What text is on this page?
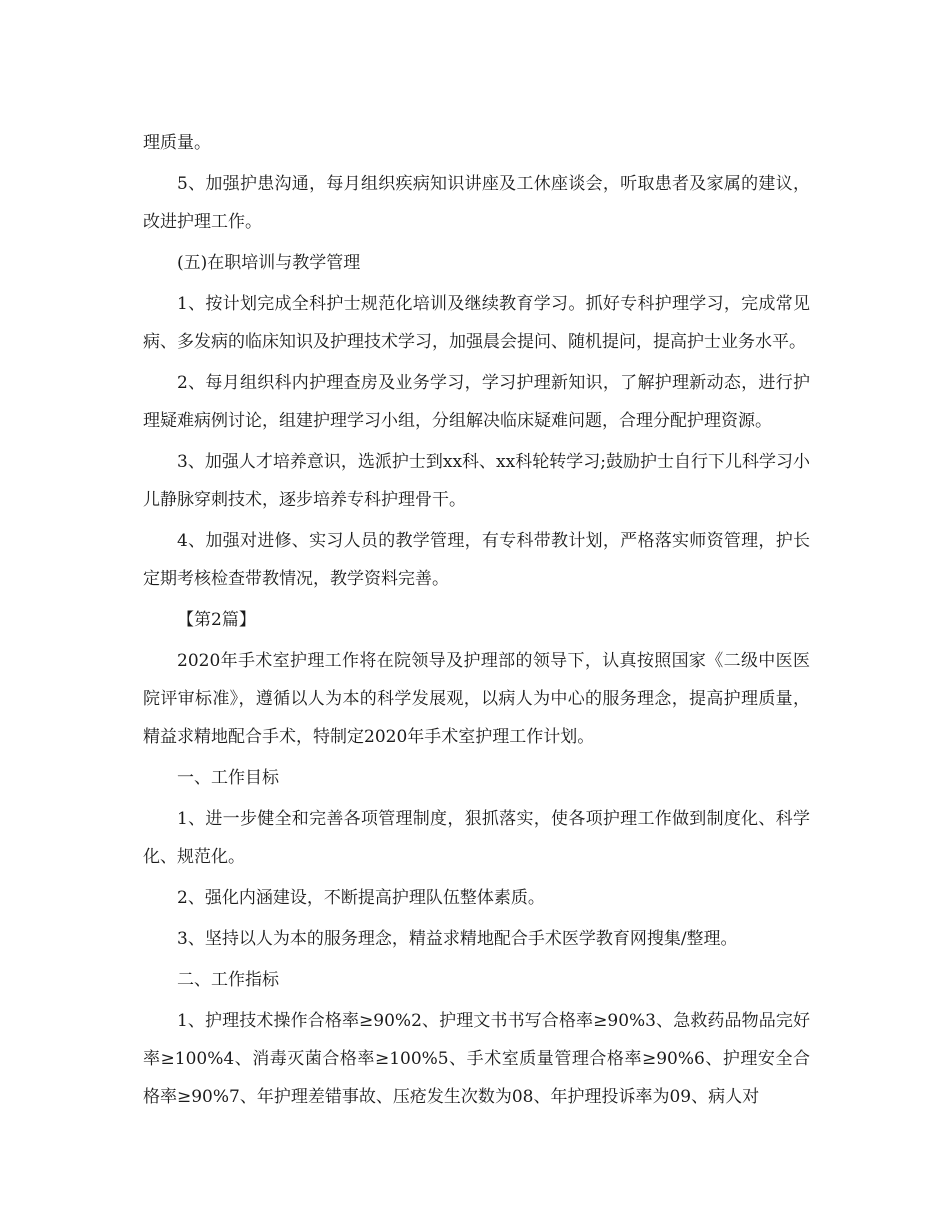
理质量。

5、加强护患沟通，每月组织疾病知识讲座及工休座谈会，听取患者及家属的建议，改进护理工作。

(五)在职培训与教学管理

1、按计划完成全科护士规范化培训及继续教育学习。抓好专科护理学习，完成常见病、多发病的临床知识及护理技术学习，加强晨会提问、随机提问，提高护士业务水平。

2、每月组织科内护理查房及业务学习，学习护理新知识，了解护理新动态，进行护理疑难病例讨论，组建护理学习小组，分组解决临床疑难问题，合理分配护理资源。

3、加强人才培养意识，选派护士到xx科、xx科轮转学习;鼓励护士自行下儿科学习小儿静脉穿刺技术，逐步培养专科护理骨干。

4、加强对进修、实习人员的教学管理，有专科带教计划，严格落实师资管理，护长定期考核检查带教情况，教学资料完善。

【第2篇】

2020年手术室护理工作将在院领导及护理部的领导下，认真按照国家《二级中医医院评审标准》，遵循以人为本的科学发展观，以病人为中心的服务理念，提高护理质量，精益求精地配合手术，特制定2020年手术室护理工作计划。

一、工作目标

1、进一步健全和完善各项管理制度，狠抓落实，使各项护理工作做到制度化、科学化、规范化。

2、强化内涵建设，不断提高护理队伍整体素质。

3、坚持以人为本的服务理念，精益求精地配合手术医学教育网搜集/整理。

二、工作指标

1、护理技术操作合格率≥90%2、护理文书书写合格率≥90%3、急救药品物品完好率≥100%4、消毒灭菌合格率≥100%5、手术室质量管理合格率≥90%6、护理安全合格率≥90%7、年护理差错事故、压疮发生次数为08、年护理投诉率为09、病人对
